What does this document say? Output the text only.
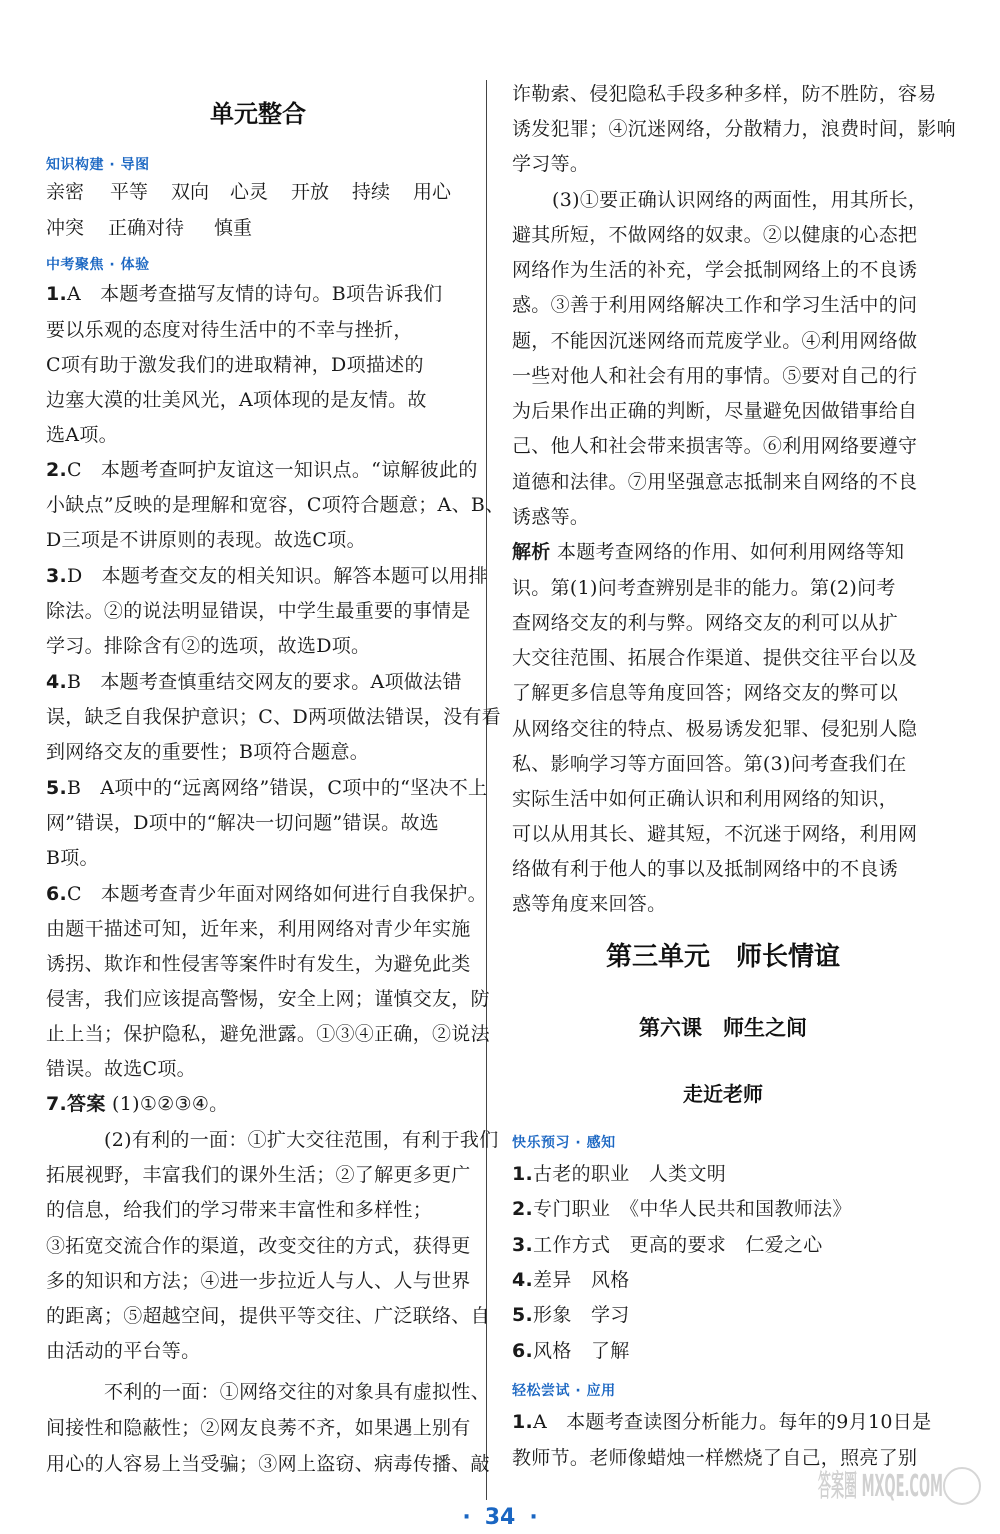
单元整合
知识构建 · 导图
亲密 平等 双向 心灵 开放 持续 用心
冲突 正确对待 慎重
中考聚焦 · 体验
1.A 本题考查描写友情的诗句。B项告诉我们
要以乐观的态度对待生活中的不幸与挫折，
C项有助于激发我们的进取精神，D项描述的
边塞大漠的壮美风光，A项体现的是友情。故
选A项。
2.C 本题考查呵护友谊这一知识点。“谅解彼此的
小缺点”反映的是理解和宽容，C项符合题意；A、B、
D三项是不讲原则的表现。故选C项。
3.D 本题考查交友的相关知识。解答本题可以用排
除法。②的说法明显错误，中学生最重要的事情是
学习。排除含有②的选项，故选D项。
4.B 本题考查慎重结交网友的要求。A项做法错
误，缺乏自我保护意识；C、D两项做法错误，没有看
到网络交友的重要性；B项符合题意。
5.B A项中的“远离网络”错误，C项中的“坚决不上
网”错误，D项中的“解决一切问题”错误。故选
B项。
6.C 本题考查青少年面对网络如何进行自我保护。
由题干描述可知，近年来，利用网络对青少年实施
诱拐、欺诈和性侵害等案件时有发生，为避免此类
侵害，我们应该提高警惕，安全上网；谨慎交友，防
止上当；保护隐私，避免泄露。①③④正确，②说法
错误。故选C项。
7.答案 (1)①②③④。
(2)有利的一面：①扩大交往范围，有利于我们
拓展视野，丰富我们的课外生活；②了解更多更广
的信息，给我们的学习带来丰富性和多样性；
③拓宽交流合作的渠道，改变交往的方式，获得更
多的知识和方法；④进一步拉近人与人、人与世界
的距离；⑤超越空间，提供平等交往、广泛联络、自
由活动的平台等。
不利的一面：①网络交往的对象具有虚拟性、
间接性和隐蔽性；②网友良莠不齐，如果遇上别有
用心的人容易上当受骗；③网上盗窃、病毒传播、敲
诈勒索、侵犯隐私手段多种多样，防不胜防，容易
诱发犯罪；④沉迷网络，分散精力，浪费时间，影响
学习等。
(3)①要正确认识网络的两面性，用其所长，
避其所短，不做网络的奴隶。②以健康的心态把
网络作为生活的补充，学会抵制网络上的不良诱
惑。③善于利用网络解决工作和学习生活中的问
题，不能因沉迷网络而荒废学业。④利用网络做
一些对他人和社会有用的事情。⑤要对自己的行
为后果作出正确的判断，尽量避免因做错事给自
己、他人和社会带来损害等。⑥利用网络要遵守
道德和法律。⑦用坚强意志抵制来自网络的不良
诱惑等。
解析 本题考查网络的作用、如何利用网络等知
识。第(1)问考查辨别是非的能力。第(2)问考
查网络交友的利与弊。网络交友的利可以从扩
大交往范围、拓展合作渠道、提供交往平台以及
了解更多信息等角度回答；网络交友的弊可以
从网络交往的特点、极易诱发犯罪、侵犯别人隐
私、影响学习等方面回答。第(3)问考查我们在
实际生活中如何正确认识和利用网络的知识，
可以从用其长、避其短，不沉迷于网络，利用网
络做有利于他人的事以及抵制网络中的不良诱
惑等角度来回答。
第三单元　师长情谊
第六课　师生之间
走近老师
快乐预习 · 感知
1.古老的职业　人类文明
2.专门职业　《中华人民共和国教师法》
3.工作方式　更高的要求　仁爱之心
4.差异　风格
5.形象　学习
6.风格　了解
轻松尝试 · 应用
1.A 本题考查读图分析能力。每年的9月10日是
教师节。老师像蜡烛一样燃烧了自己，照亮了别
· 34 ·
答案圈 MXQE.COM
